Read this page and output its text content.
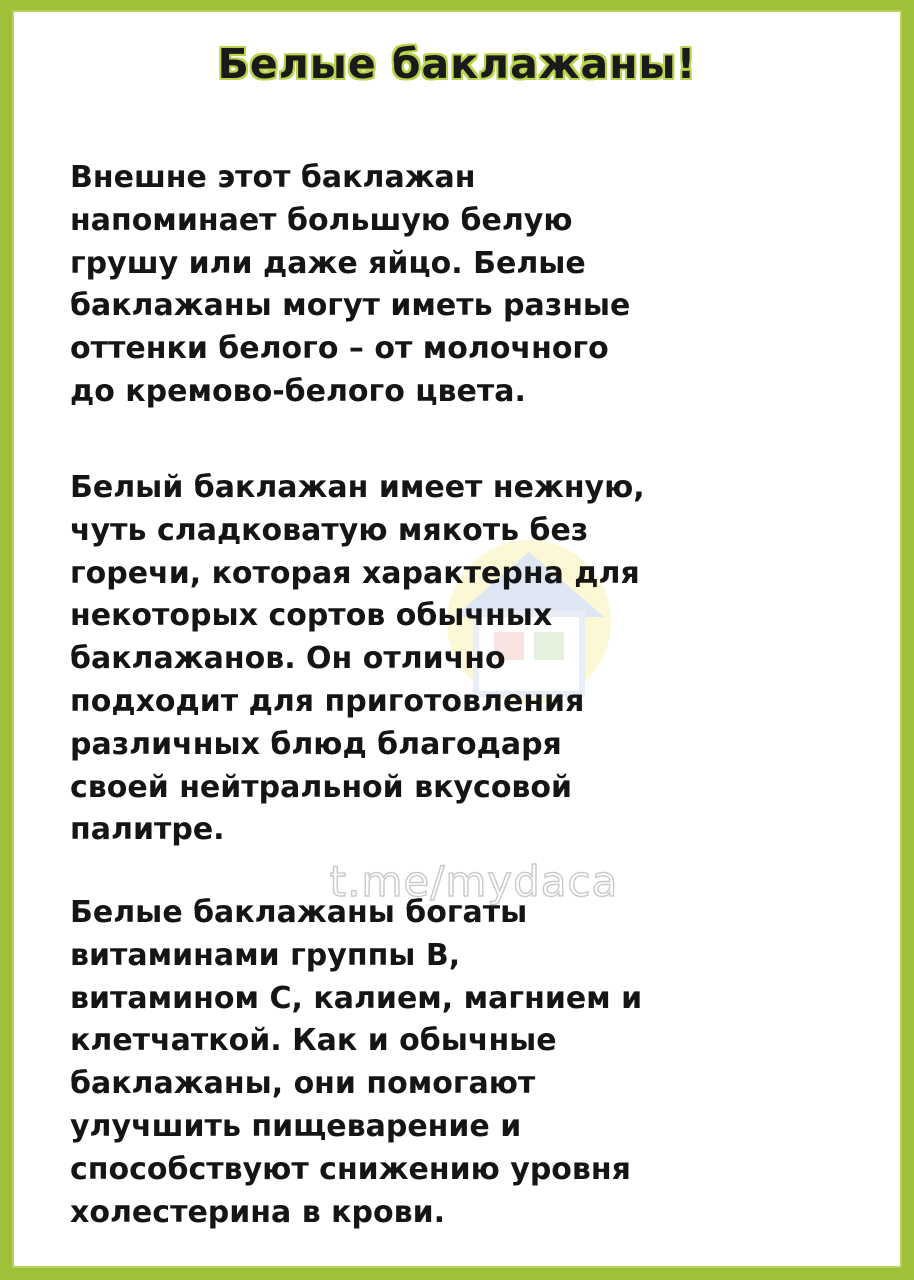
t.me/mydaca
Белые баклажаны!
Внешне этот баклажан
напоминает большую белую
грушу или даже яйцо. Белые
баклажаны могут иметь разные
оттенки белого – от молочного
до кремово-белого цвета.
Белый баклажан имеет нежную,
чуть сладковатую мякоть без
горечи, которая характерна для
некоторых сортов обычных
баклажанов. Он отлично
подходит для приготовления
различных блюд благодаря
своей нейтральной вкусовой
палитре.
Белые баклажаны богаты
витаминами группы В,
витамином С, калием, магнием и
клетчаткой. Как и обычные
баклажаны, они помогают
улучшить пищеварение и
способствуют снижению уровня
холестерина в крови.
